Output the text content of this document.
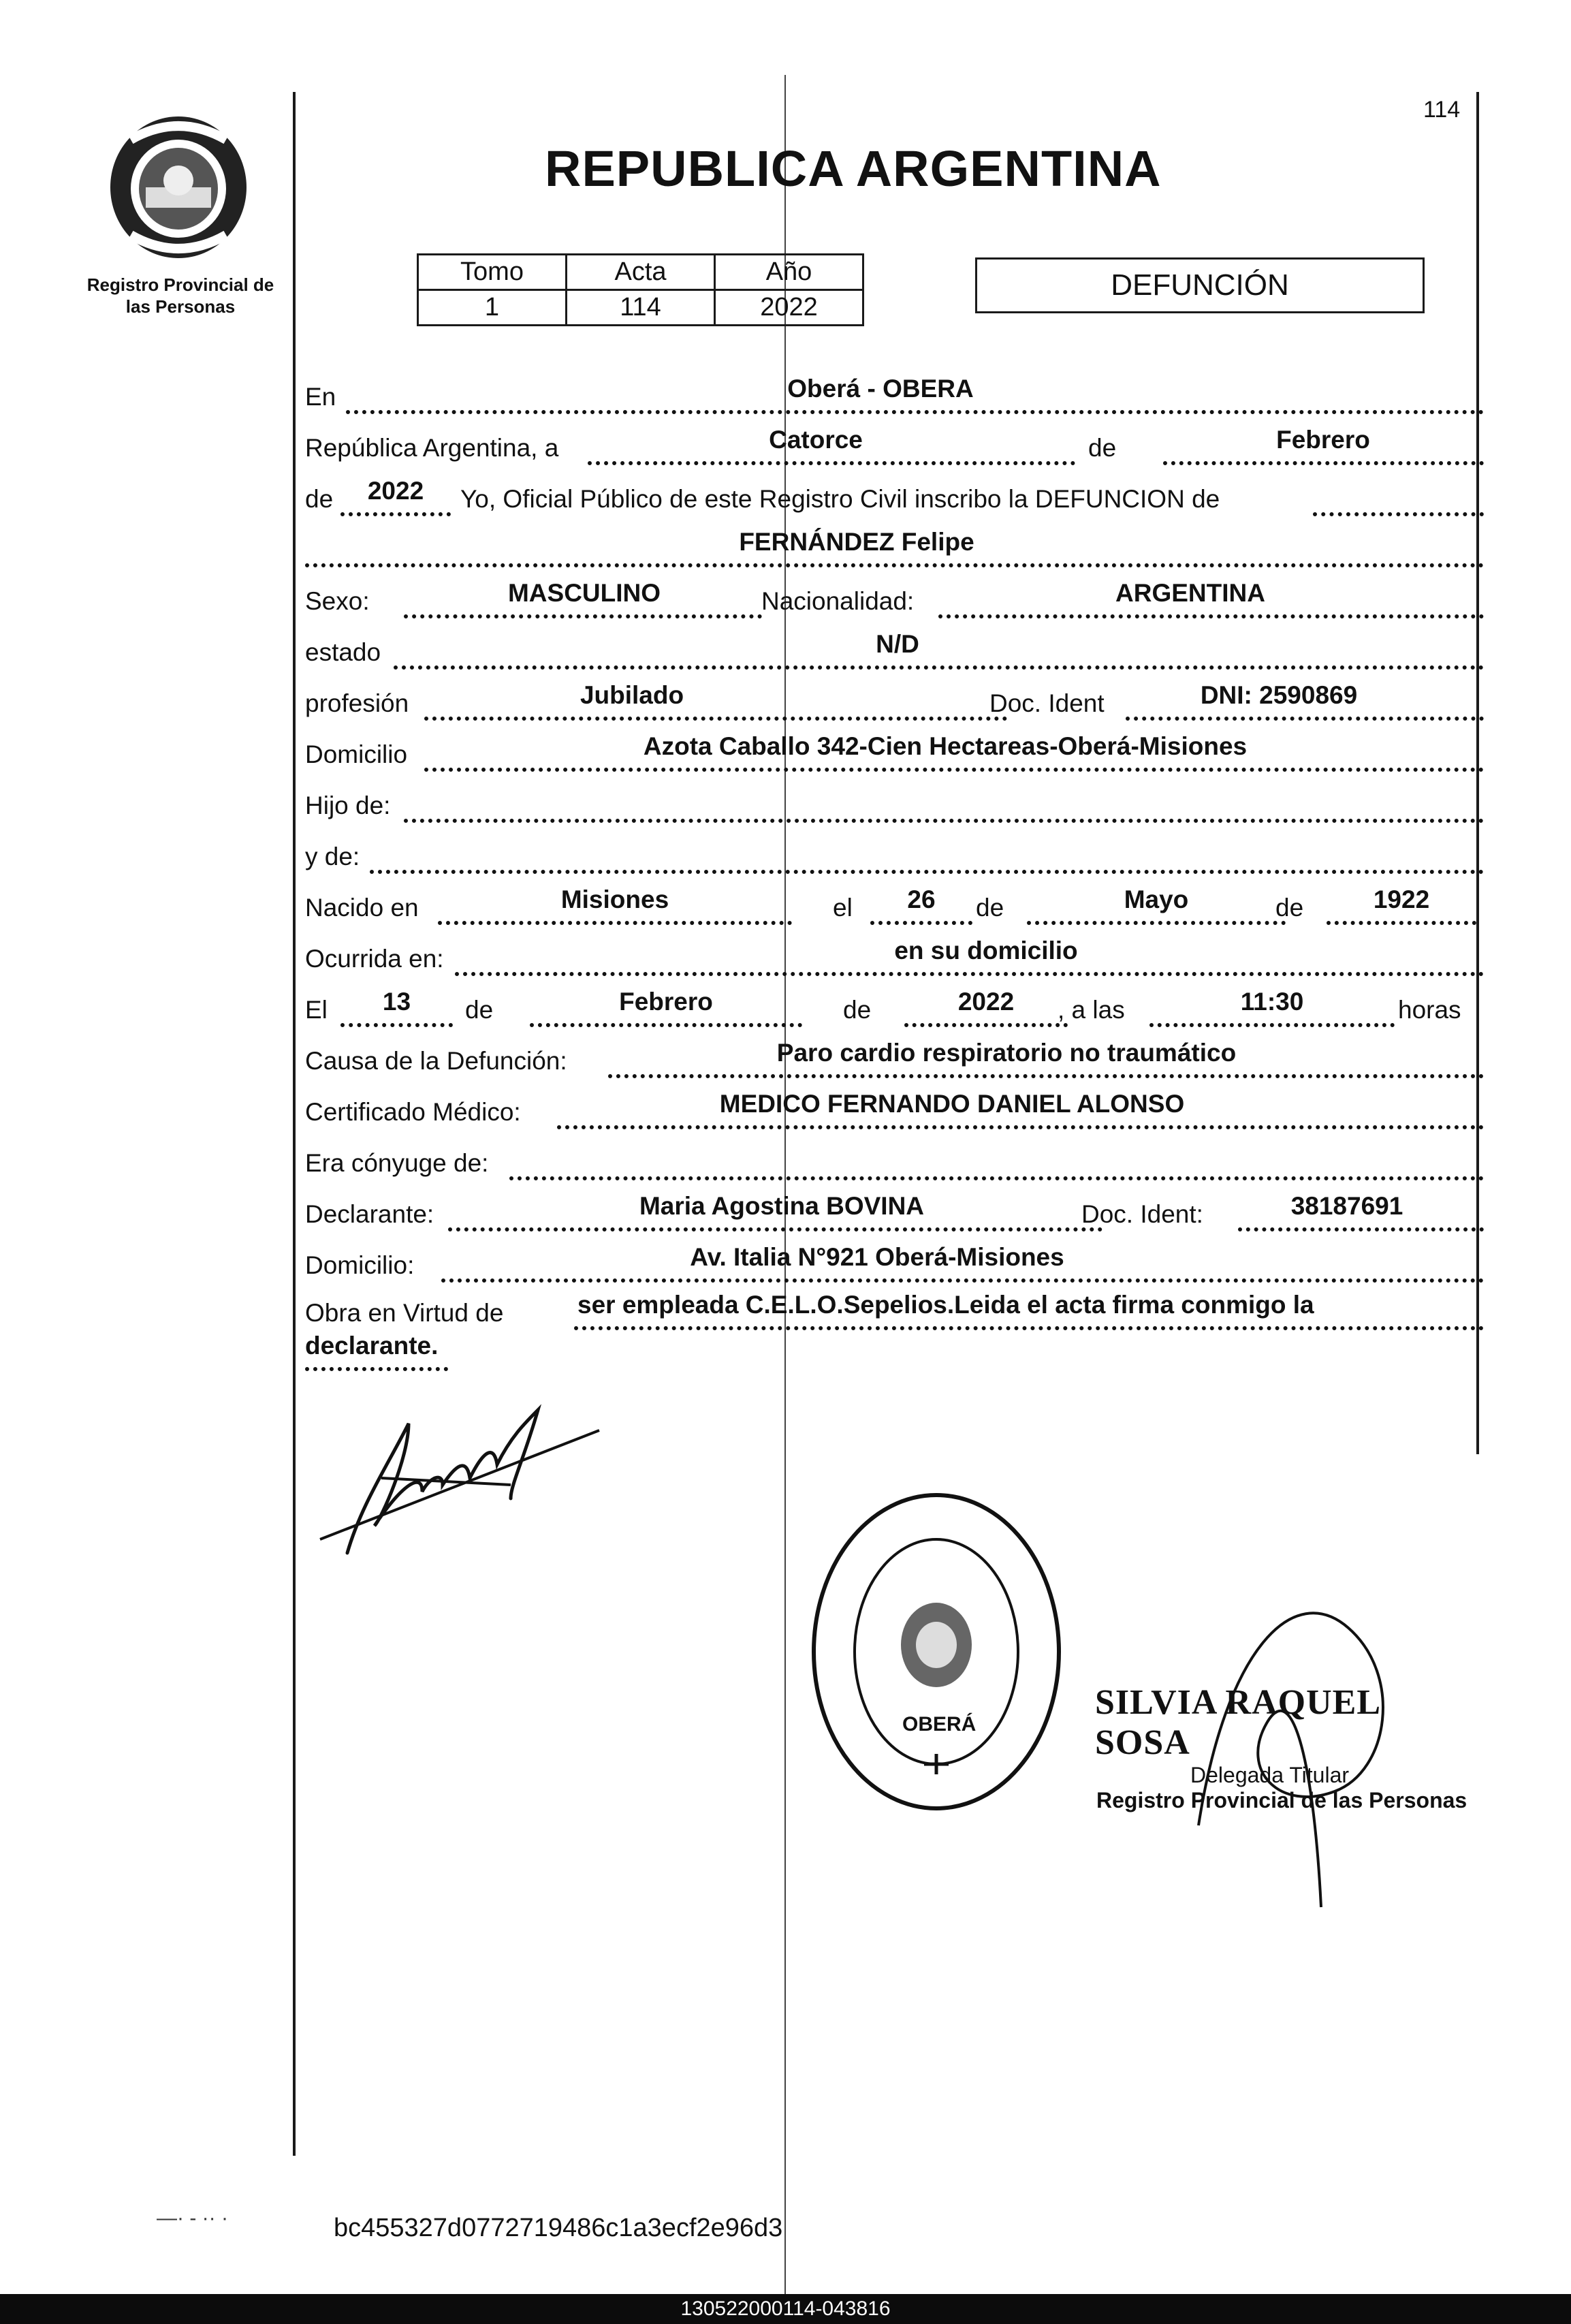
Registro Provincial de
las Personas
114
REPUBLICA ARGENTINA
Tomo	Acta	Año
1	114	2022
DEFUNCIÓN
En	Oberá - OBERA
República Argentina, a	Catorce	de	Febrero
de	2022	Yo, Oficial Público de este Registro Civil inscribo la DEFUNCION de
FERNÁNDEZ Felipe
Sexo:	MASCULINO	Nacionalidad:	ARGENTINA
estado	N/D
profesión	Jubilado	Doc. Ident	DNI: 2590869
Domicilio	Azota Caballo 342-Cien Hectareas-Oberá-Misiones
Hijo de:
y de:
Nacido en	Misiones	el	26	de	Mayo	de	1922
Ocurrida en:	en su domicilio
El	13	de	Febrero	de	2022	, a las	11:30	horas
Causa de la Defunción:	Paro cardio respiratorio no traumático
Certificado Médico:	MEDICO FERNANDO DANIEL ALONSO
Era cónyuge de:
Declarante:	Maria Agostina BOVINA	Doc. Ident:	38187691
Domicilio:	Av. Italia N°921 Oberá-Misiones
Obra en Virtud de	ser empleada C.E.L.O.Sepelios.Leida el acta firma conmigo la
declarante.
OBERÁ
SILVIA RAQUEL SOSA
Delegada Titular
Registro Provincial de las Personas
—· - ·· ·	bc455327d0772719486c1a3ecf2e96d3
130522000114-043816
